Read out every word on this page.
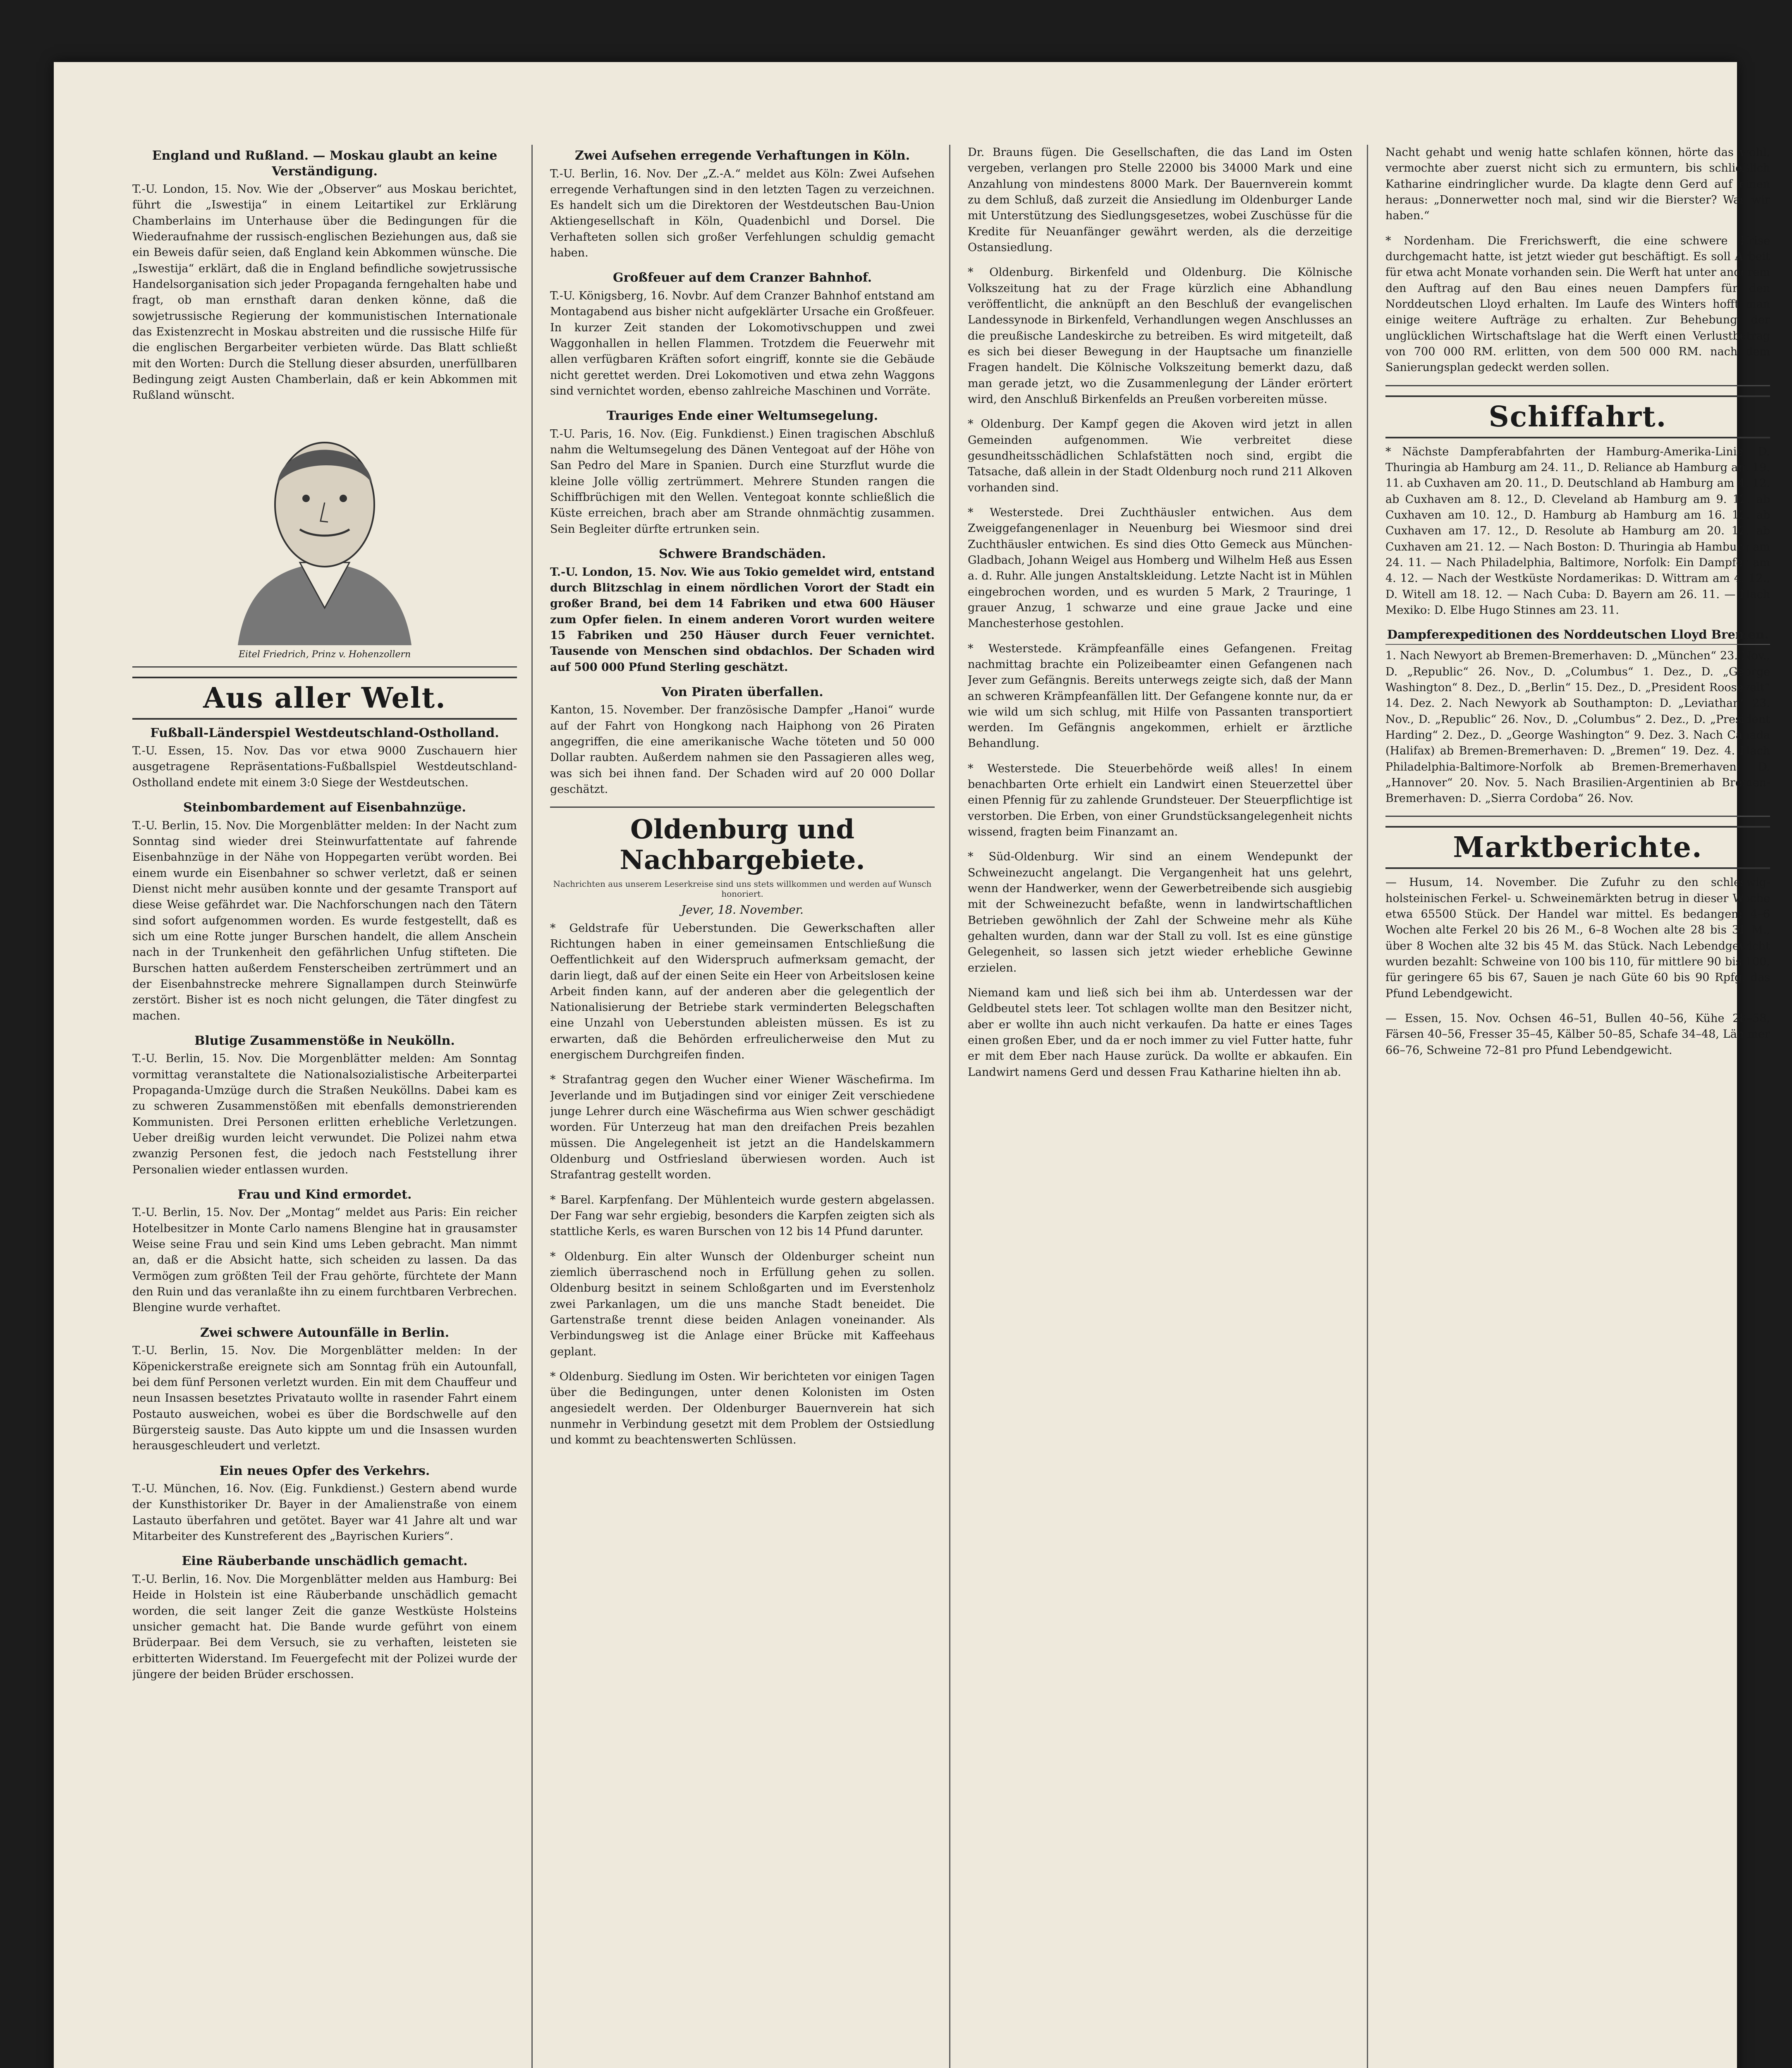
England und Rußland. — Moskau glaubt an keine Verständigung.

T.-U. London, 15. Nov. Wie der „Observer“ aus Moskau berichtet, führt die „Iswestija“ in einem Leitartikel zur Erklärung Chamberlains im Unterhause über die Bedingungen für die Wiederaufnahme der russisch-englischen Beziehungen aus, daß sie ein Beweis dafür seien, daß England kein Abkommen wünsche. Die „Iswestija“ erklärt, daß die in England befindliche sowjetrussische Handelsorganisation sich jeder Propaganda ferngehalten habe und fragt, ob man ernsthaft daran denken könne, daß die sowjetrussische Regierung der kommunistischen Internationale das Existenzrecht in Moskau abstreiten und die russische Hilfe für die englischen Bergarbeiter verbieten würde. Das Blatt schließt mit den Worten: Durch die Stellung dieser absurden, unerfüllbaren Bedingung zeigt Austen Chamberlain, daß er kein Abkommen mit Rußland wünscht.

Eitel Friedrich, Prinz v. Hohenzollern
Aus aller Welt.
Fußball-Länderspiel Westdeutschland-Ostholland.

T.-U. Essen, 15. Nov. Das vor etwa 9000 Zuschauern hier ausgetragene Repräsentations-Fußballspiel Westdeutschland-Ostholland endete mit einem 3:0 Siege der Westdeutschen.

Steinbombardement auf Eisenbahnzüge.

T.-U. Berlin, 15. Nov. Die Morgenblätter melden: In der Nacht zum Sonntag sind wieder drei Steinwurfattentate auf fahrende Eisenbahnzüge in der Nähe von Hoppegarten verübt worden. Bei einem wurde ein Eisenbahner so schwer verletzt, daß er seinen Dienst nicht mehr ausüben konnte und der gesamte Transport auf diese Weise gefährdet war. Die Nachforschungen nach den Tätern sind sofort aufgenommen worden. Es wurde festgestellt, daß es sich um eine Rotte junger Burschen handelt, die allem Anschein nach in der Trunkenheit den gefährlichen Unfug stifteten. Die Burschen hatten außerdem Fensterscheiben zertrümmert und an der Eisenbahnstrecke mehrere Signallampen durch Steinwürfe zerstört. Bisher ist es noch nicht gelungen, die Täter dingfest zu machen.

Blutige Zusammenstöße in Neukölln.

T.-U. Berlin, 15. Nov. Die Morgenblätter melden: Am Sonntag vormittag veranstaltete die Nationalsozialistische Arbeiterpartei Propaganda-Umzüge durch die Straßen Neuköllns. Dabei kam es zu schweren Zusammenstößen mit ebenfalls demonstrierenden Kommunisten. Drei Personen erlitten erhebliche Verletzungen. Ueber dreißig wurden leicht verwundet. Die Polizei nahm etwa zwanzig Personen fest, die jedoch nach Feststellung ihrer Personalien wieder entlassen wurden.

Frau und Kind ermordet.

T.-U. Berlin, 15. Nov. Der „Montag“ meldet aus Paris: Ein reicher Hotelbesitzer in Monte Carlo namens Blengine hat in grausamster Weise seine Frau und sein Kind ums Leben gebracht. Man nimmt an, daß er die Absicht hatte, sich scheiden zu lassen. Da das Vermögen zum größten Teil der Frau gehörte, fürchtete der Mann den Ruin und das veranlaßte ihn zu einem furchtbaren Verbrechen. Blengine wurde verhaftet.

Zwei schwere Autounfälle in Berlin.

T.-U. Berlin, 15. Nov. Die Morgenblätter melden: In der Köpenickerstraße ereignete sich am Sonntag früh ein Autounfall, bei dem fünf Personen verletzt wurden. Ein mit dem Chauffeur und neun Insassen besetztes Privatauto wollte in rasender Fahrt einem Postauto ausweichen, wobei es über die Bordschwelle auf den Bürgersteig sauste. Das Auto kippte um und die Insassen wurden herausgeschleudert und verletzt.

Ein neues Opfer des Verkehrs.

T.-U. München, 16. Nov. (Eig. Funkdienst.) Gestern abend wurde der Kunsthistoriker Dr. Bayer in der Amalienstraße von einem Lastauto überfahren und getötet. Bayer war 41 Jahre alt und war Mitarbeiter des Kunstreferent des „Bayrischen Kuriers“.

Eine Räuberbande unschädlich gemacht.

T.-U. Berlin, 16. Nov. Die Morgenblätter melden aus Hamburg: Bei Heide in Holstein ist eine Räuberbande unschädlich gemacht worden, die seit langer Zeit die ganze Westküste Holsteins unsicher gemacht hat. Die Bande wurde geführt von einem Brüderpaar. Bei dem Versuch, sie zu verhaften, leisteten sie erbitterten Widerstand. Im Feuergefecht mit der Polizei wurde der jüngere der beiden Brüder erschossen.

Zwei Aufsehen erregende Verhaftungen in Köln.

T.-U. Berlin, 16. Nov. Der „Z.-A.“ meldet aus Köln: Zwei Aufsehen erregende Verhaftungen sind in den letzten Tagen zu verzeichnen. Es handelt sich um die Direktoren der Westdeutschen Bau-Union Aktiengesellschaft in Köln, Quadenbichl und Dorsel. Die Verhafteten sollen sich großer Verfehlungen schuldig gemacht haben.

Großfeuer auf dem Cranzer Bahnhof.

T.-U. Königsberg, 16. Novbr. Auf dem Cranzer Bahnhof entstand am Montagabend aus bisher nicht aufgeklärter Ursache ein Großfeuer. In kurzer Zeit standen der Lokomotivschuppen und zwei Waggonhallen in hellen Flammen. Trotzdem die Feuerwehr mit allen verfügbaren Kräften sofort eingriff, konnte sie die Gebäude nicht gerettet werden. Drei Lokomotiven und etwa zehn Waggons sind vernichtet worden, ebenso zahlreiche Maschinen und Vorräte.

Trauriges Ende einer Weltumsegelung.

T.-U. Paris, 16. Nov. (Eig. Funkdienst.) Einen tragischen Abschluß nahm die Weltumsegelung des Dänen Ventegoat auf der Höhe von San Pedro del Mare in Spanien. Durch eine Sturzflut wurde die kleine Jolle völlig zertrümmert. Mehrere Stunden rangen die Schiffbrüchigen mit den Wellen. Ventegoat konnte schließlich die Küste erreichen, brach aber am Strande ohnmächtig zusammen. Sein Begleiter dürfte ertrunken sein.

Schwere Brandschäden.

T.-U. London, 15. Nov. Wie aus Tokio gemeldet wird, entstand durch Blitzschlag in einem nördlichen Vorort der Stadt ein großer Brand, bei dem 14 Fabriken und etwa 600 Häuser zum Opfer fielen. In einem anderen Vorort wurden weitere 15 Fabriken und 250 Häuser durch Feuer vernichtet. Tausende von Menschen sind obdachlos. Der Schaden wird auf 500 000 Pfund Sterling geschätzt.

Von Piraten überfallen.

Kanton, 15. November. Der französische Dampfer „Hanoi“ wurde auf der Fahrt von Hongkong nach Haiphong von 26 Piraten angegriffen, die eine amerikanische Wache töteten und 50 000 Dollar raubten. Außerdem nahmen sie den Passagieren alles weg, was sich bei ihnen fand. Der Schaden wird auf 20 000 Dollar geschätzt.

Oldenburg und Nachbargebiete.
Nachrichten aus unserem Leserkreise sind uns stets willkommen und werden auf Wunsch honoriert.
Jever, 18. November.

* Geldstrafe für Ueberstunden. Die Gewerkschaften aller Richtungen haben in einer gemeinsamen Entschließung die Oeffentlichkeit auf den Widerspruch aufmerksam gemacht, der darin liegt, daß auf der einen Seite ein Heer von Arbeitslosen keine Arbeit finden kann, auf der anderen aber die gelegentlich der Nationalisierung der Betriebe stark verminderten Belegschaften eine Unzahl von Ueberstunden ableisten müssen. Es ist zu erwarten, daß die Behörden erfreulicherweise den Mut zu energischem Durchgreifen finden.

* Strafantrag gegen den Wucher einer Wiener Wäschefirma. Im Jeverlande und im Butjadingen sind vor einiger Zeit verschiedene junge Lehrer durch eine Wäschefirma aus Wien schwer geschädigt worden. Für Unterzeug hat man den dreifachen Preis bezahlen müssen. Die Angelegenheit ist jetzt an die Handelskammern Oldenburg und Ostfriesland überwiesen worden. Auch ist Strafantrag gestellt worden.

* Barel. Karpfenfang. Der Mühlenteich wurde gestern abgelassen. Der Fang war sehr ergiebig, besonders die Karpfen zeigten sich als stattliche Kerls, es waren Burschen von 12 bis 14 Pfund darunter.

* Oldenburg. Ein alter Wunsch der Oldenburger scheint nun ziemlich überraschend noch in Erfüllung gehen zu sollen. Oldenburg besitzt in seinem Schloßgarten und im Everstenholz zwei Parkanlagen, um die uns manche Stadt beneidet. Die Gartenstraße trennt diese beiden Anlagen voneinander. Als Verbindungsweg ist die Anlage einer Brücke mit Kaffeehaus geplant.

* Oldenburg. Siedlung im Osten. Wir berichteten vor einigen Tagen über die Bedingungen, unter denen Kolonisten im Osten angesiedelt werden. Der Oldenburger Bauernverein hat sich nunmehr in Verbindung gesetzt mit dem Problem der Ostsiedlung und kommt zu beachtenswerten Schlüssen.

Dr. Brauns fügen. Die Gesellschaften, die das Land im Osten vergeben, verlangen pro Stelle 22000 bis 34000 Mark und eine Anzahlung von mindestens 8000 Mark. Der Bauernverein kommt zu dem Schluß, daß zurzeit die Ansiedlung im Oldenburger Lande mit Unterstützung des Siedlungsgesetzes, wobei Zuschüsse für die Kredite für Neuanfänger gewährt werden, als die derzeitige Ostansiedlung.

* Oldenburg. Birkenfeld und Oldenburg. Die Kölnische Volkszeitung hat zu der Frage kürzlich eine Abhandlung veröffentlicht, die anknüpft an den Beschluß der evangelischen Landessynode in Birkenfeld, Verhandlungen wegen Anschlusses an die preußische Landeskirche zu betreiben. Es wird mitgeteilt, daß es sich bei dieser Bewegung in der Hauptsache um finanzielle Fragen handelt. Die Kölnische Volkszeitung bemerkt dazu, daß man gerade jetzt, wo die Zusammenlegung der Länder erörtert wird, den Anschluß Birkenfelds an Preußen vorbereiten müsse.

* Oldenburg. Der Kampf gegen die Akoven wird jetzt in allen Gemeinden aufgenommen. Wie verbreitet diese gesundheitsschädlichen Schlafstätten noch sind, ergibt die Tatsache, daß allein in der Stadt Oldenburg noch rund 211 Alkoven vorhanden sind.

* Westerstede. Drei Zuchthäusler entwichen. Aus dem Zweiggefangenenlager in Neuenburg bei Wiesmoor sind drei Zuchthäusler entwichen. Es sind dies Otto Gemeck aus München-Gladbach, Johann Weigel aus Homberg und Wilhelm Heß aus Essen a. d. Ruhr. Alle jungen Anstaltskleidung. Letzte Nacht ist in Mühlen eingebrochen worden, und es wurden 5 Mark, 2 Trauringe, 1 grauer Anzug, 1 schwarze und eine graue Jacke und eine Manchesterhose gestohlen.

* Westerstede. Krämpfeanfälle eines Gefangenen. Freitag nachmittag brachte ein Polizeibeamter einen Gefangenen nach Jever zum Gefängnis. Bereits unterwegs zeigte sich, daß der Mann an schweren Krämpfeanfällen litt. Der Gefangene konnte nur, da er wie wild um sich schlug, mit Hilfe von Passanten transportiert werden. Im Gefängnis angekommen, erhielt er ärztliche Behandlung.

* Westerstede. Die Steuerbehörde weiß alles! In einem benachbarten Orte erhielt ein Landwirt einen Steuerzettel über einen Pfennig für zu zahlende Grundsteuer. Der Steuerpflichtige ist verstorben. Die Erben, von einer Grundstücksangelegenheit nichts wissend, fragten beim Finanzamt an.

* Süd-Oldenburg. Wir sind an einem Wendepunkt der Schweinezucht angelangt. Die Vergangenheit hat uns gelehrt, wenn der Handwerker, wenn der Gewerbetreibende sich ausgiebig mit der Schweinezucht befaßte, wenn in landwirtschaftlichen Betrieben gewöhnlich der Zahl der Schweine mehr als Kühe gehalten wurden, dann war der Stall zu voll. Ist es eine günstige Gelegenheit, so lassen sich jetzt wieder erhebliche Gewinne erzielen.

Niemand kam und ließ sich bei ihm ab. Unterdessen war der Geldbeutel stets leer. Tot schlagen wollte man den Besitzer nicht, aber er wollte ihn auch nicht verkaufen. Da hatte er eines Tages einen großen Eber, und da er noch immer zu viel Futter hatte, fuhr er mit dem Eber nach Hause zurück. Da wollte er abkaufen. Ein Landwirt namens Gerd und dessen Frau Katharine hielten ihn ab.

Nacht gehabt und wenig hatte schlafen können, hörte das wohl, vermochte aber zuerst nicht sich zu ermuntern, bis schließlich Katharine eindringlicher wurde. Da klagte denn Gerd auf einen heraus: „Donnerwetter noch mal, sind wir die Bierster? Was wir haben.“

* Nordenham. Die Frerichswerft, die eine schwere Krise durchgemacht hatte, ist jetzt wieder gut beschäftigt. Es soll Arbeit für etwa acht Monate vorhanden sein. Die Werft hat unter anderem den Auftrag auf den Bau eines neuen Dampfers für den Norddeutschen Lloyd erhalten. Im Laufe des Winters hofft man einige weitere Aufträge zu erhalten. Zur Behebung der unglücklichen Wirtschaftslage hat die Werft einen Verlustbetrag von 700 000 RM. erlitten, von dem 500 000 RM. nach dem Sanierungsplan gedeckt werden sollen.

Schiffahrt.

* Nächste Dampferabfahrten der Hamburg-Amerika-Linie. D. Thuringia ab Hamburg am 24. 11., D. Reliance ab Hamburg am 19. 11. ab Cuxhaven am 20. 11., D. Deutschland ab Hamburg am 4. 12. ab Cuxhaven am 8. 12., D. Cleveland ab Hamburg am 9. 12. ab Cuxhaven am 10. 12., D. Hamburg ab Hamburg am 16. 12. ab Cuxhaven am 17. 12., D. Resolute ab Hamburg am 20. 12. ab Cuxhaven am 21. 12. — Nach Boston: D. Thuringia ab Hamburg am 24. 11. — Nach Philadelphia, Baltimore, Norfolk: Ein Dampfer am 4. 12. — Nach der Westküste Nordamerikas: D. Wittram am 4. 12., D. Witell am 18. 12. — Nach Cuba: D. Bayern am 26. 11. — Nach Mexiko: D. Elbe Hugo Stinnes am 23. 11.

Dampferexpeditionen des Norddeutschen Lloyd Bremen.

1. Nach Newyort ab Bremen-Bremerhaven: D. „München“ 23. Nov., D. „Republic“ 26. Nov., D. „Columbus“ 1. Dez., D. „George Washington“ 8. Dez., D. „Berlin“ 15. Dez., D. „President Roosevelt“ 14. Dez. 2. Nach Newyork ab Southampton: D. „Leviathan“ 23. Nov., D. „Republic“ 26. Nov., D. „Columbus“ 2. Dez., D. „President Harding“ 2. Dez., D. „George Washington“ 9. Dez. 3. Nach Canada (Halifax) ab Bremen-Bremerhaven: D. „Bremen“ 19. Dez. 4. Nach Philadelphia-Baltimore-Norfolk ab Bremen-Bremerhaven: D. „Hannover“ 20. Nov. 5. Nach Brasilien-Argentinien ab Bremen-Bremerhaven: D. „Sierra Cordoba“ 26. Nov.

Marktberichte.

— Husum, 14. November. Die Zufuhr zu den schleswig-holsteinischen Ferkel- u. Schweinemärkten betrug in dieser Woche etwa 65500 Stück. Der Handel war mittel. Es bedangen: 4–6 Wochen alte Ferkel 20 bis 26 M., 6–8 Wochen alte 28 bis 31 M., über 8 Wochen alte 32 bis 45 M. das Stück. Nach Lebendgewicht wurden bezahlt: Schweine von 100 bis 110, für mittlere 90 bis 100, für geringere 65 bis 67, Sauen je nach Güte 60 bis 90 Rpfg. das Pfund Lebendgewicht.

— Essen, 15. Nov. Ochsen 46–51, Bullen 40–56, Kühe 28–58, Färsen 40–56, Fresser 35–45, Kälber 50–85, Schafe 34–48, Lämmer 66–76, Schweine 72–81 pro Pfund Lebendgewicht.
